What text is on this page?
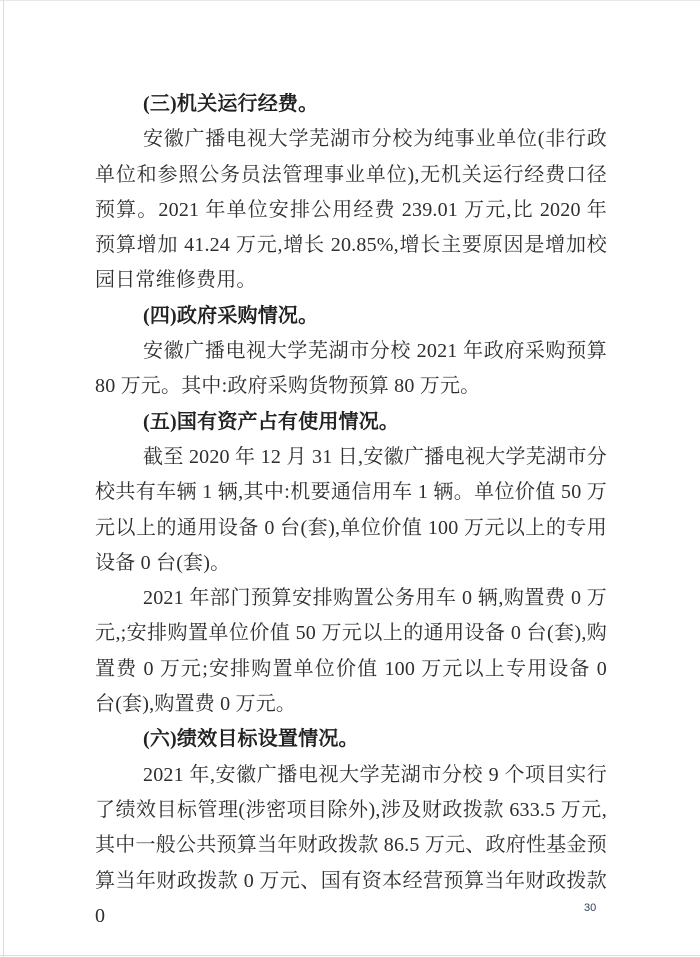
(三)机关运行经费。

安徽广播电视大学芜湖市分校为纯事业单位(非行政单位和参照公务员法管理事业单位),无机关运行经费口径预算。2021 年单位安排公用经费 239.01 万元,比 2020 年预算增加 41.24 万元,增长 20.85%,增长主要原因是增加校园日常维修费用。

(四)政府采购情况。

安徽广播电视大学芜湖市分校 2021 年政府采购预算 80 万元。其中:政府采购货物预算 80 万元。

(五)国有资产占有使用情况。

截至 2020 年 12 月 31 日,安徽广播电视大学芜湖市分校共有车辆 1 辆,其中:机要通信用车 1 辆。单位价值 50 万元以上的通用设备 0 台(套),单位价值 100 万元以上的专用设备 0 台(套)。

2021 年部门预算安排购置公务用车 0 辆,购置费 0 万元,;安排购置单位价值 50 万元以上的通用设备 0 台(套),购置费 0 万元;安排购置单位价值 100 万元以上专用设备 0 台(套),购置费 0 万元。

(六)绩效目标设置情况。

2021 年,安徽广播电视大学芜湖市分校 9 个项目实行了绩效目标管理(涉密项目除外),涉及财政拨款 633.5 万元,其中一般公共预算当年财政拨款 86.5 万元、政府性基金预算当年财政拨款 0 万元、国有资本经营预算当年财政拨款 0	30
